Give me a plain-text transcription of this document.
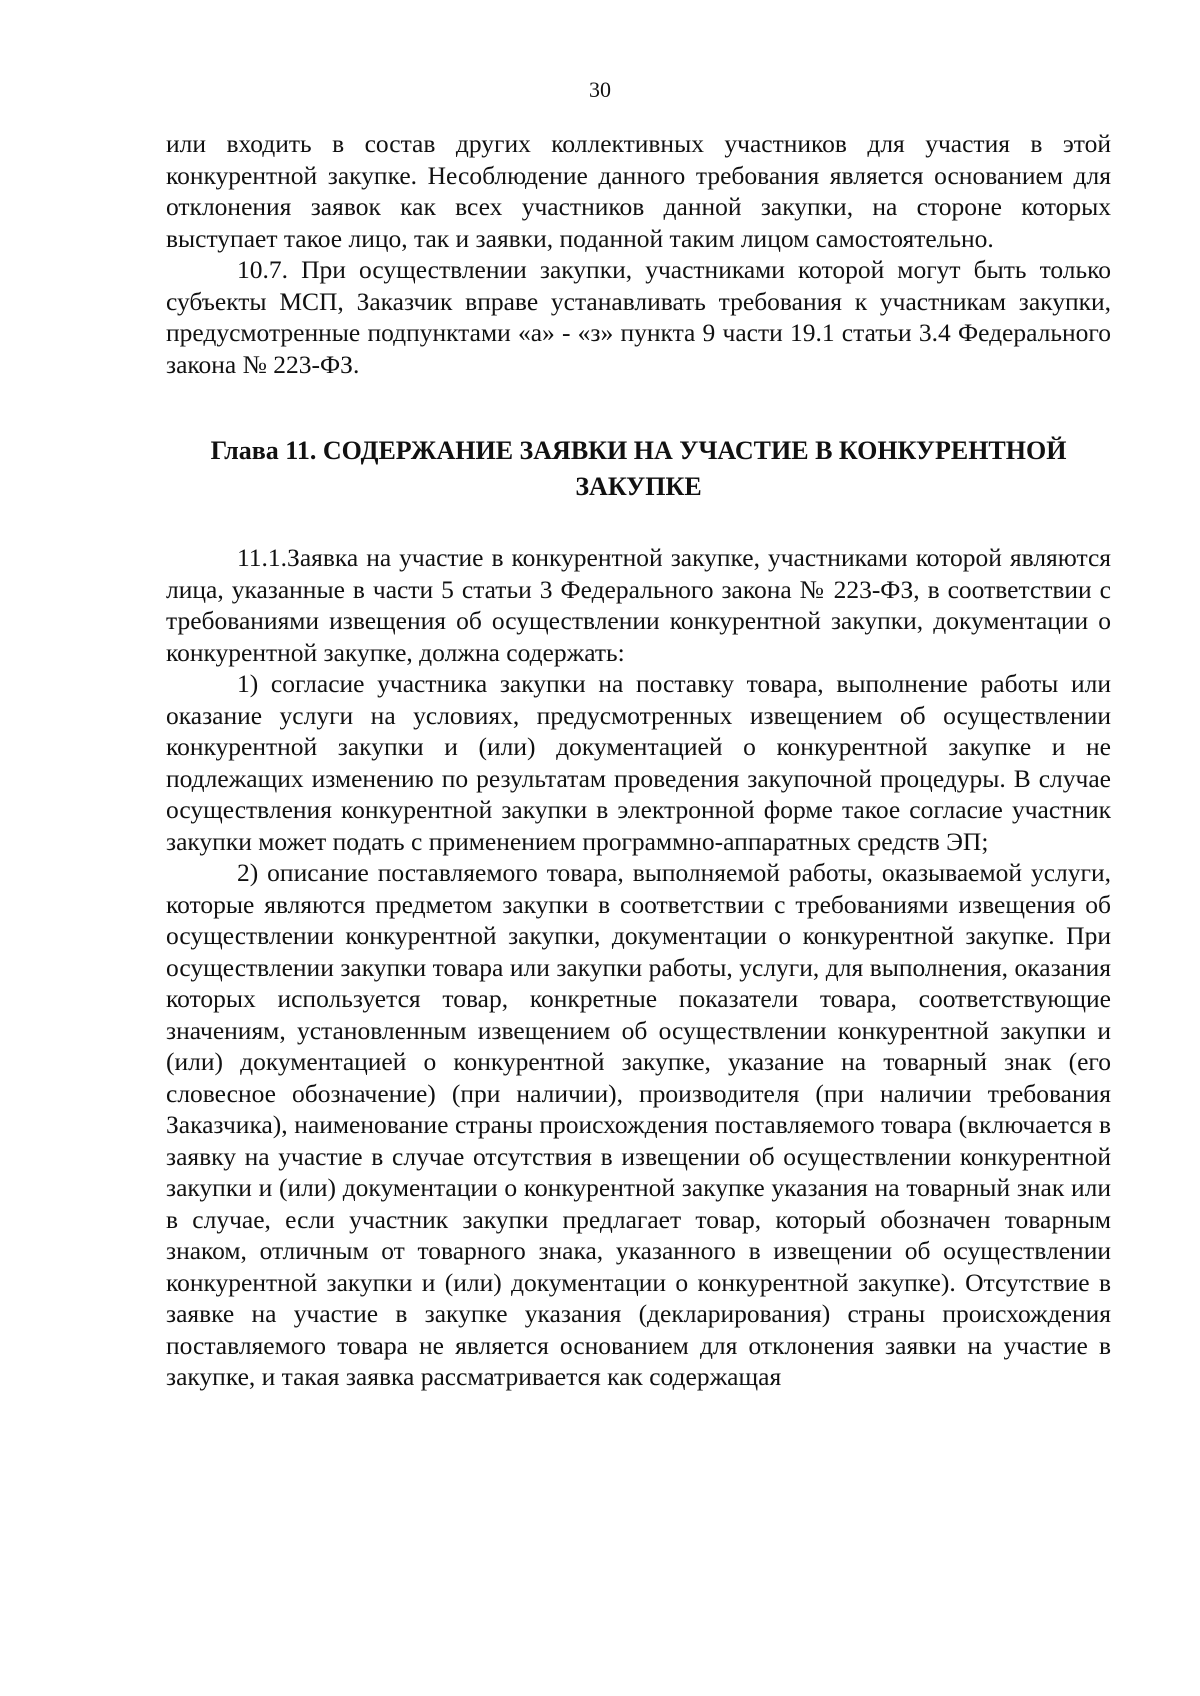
30

или входить в состав других коллективных участников для участия в этой конкурентной закупке. Несоблюдение данного требования является основанием для отклонения заявок как всех участников данной закупки, на стороне которых выступает такое лицо, так и заявки, поданной таким лицом самостоятельно.

10.7. При осуществлении закупки, участниками которой могут быть только субъекты МСП, Заказчик вправе устанавливать требования к участникам закупки, предусмотренные подпунктами «а» - «з» пункта 9 части 19.1 статьи 3.4 Федерального закона № 223-ФЗ.

Глава 11. СОДЕРЖАНИЕ ЗАЯВКИ НА УЧАСТИЕ В КОНКУРЕНТНОЙ
ЗАКУПКЕ

11.1.Заявка на участие в конкурентной закупке, участниками которой являются лица, указанные в части 5 статьи 3 Федерального закона № 223-ФЗ, в соответствии с требованиями извещения об осуществлении конкурентной закупки, документации о конкурентной закупке, должна содержать:

1) согласие участника закупки на поставку товара, выполнение работы или оказание услуги на условиях, предусмотренных извещением об осуществлении конкурентной закупки и (или) документацией о конкурентной закупке и не подлежащих изменению по результатам проведения закупочной процедуры. В случае осуществления конкурентной закупки в электронной форме такое согласие участник закупки может подать с применением программно-аппаратных средств ЭП;

2) описание поставляемого товара, выполняемой работы, оказываемой услуги, которые являются предметом закупки в соответствии с требованиями извещения об осуществлении конкурентной закупки, документации о конкурентной закупке. При осуществлении закупки товара или закупки работы, услуги, для выполнения, оказания которых используется товар, конкретные показатели товара, соответствующие значениям, установленным извещением об осуществлении конкурентной закупки и (или) документацией о конкурентной закупке, указание на товарный знак (его словесное обозначение) (при наличии), производителя (при наличии требования Заказчика), наименование страны происхождения поставляемого товара (включается в заявку на участие в случае отсутствия в извещении об осуществлении конкурентной закупки и (или) документации о конкурентной закупке указания на товарный знак или в случае, если участник закупки предлагает товар, который обозначен товарным знаком, отличным от товарного знака, указанного в извещении об осуществлении конкурентной закупки и (или) документации о конкурентной закупке). Отсутствие в заявке на участие в закупке указания (декларирования) страны происхождения поставляемого товара не является основанием для отклонения заявки на участие в закупке, и такая заявка рассматривается как содержащая
